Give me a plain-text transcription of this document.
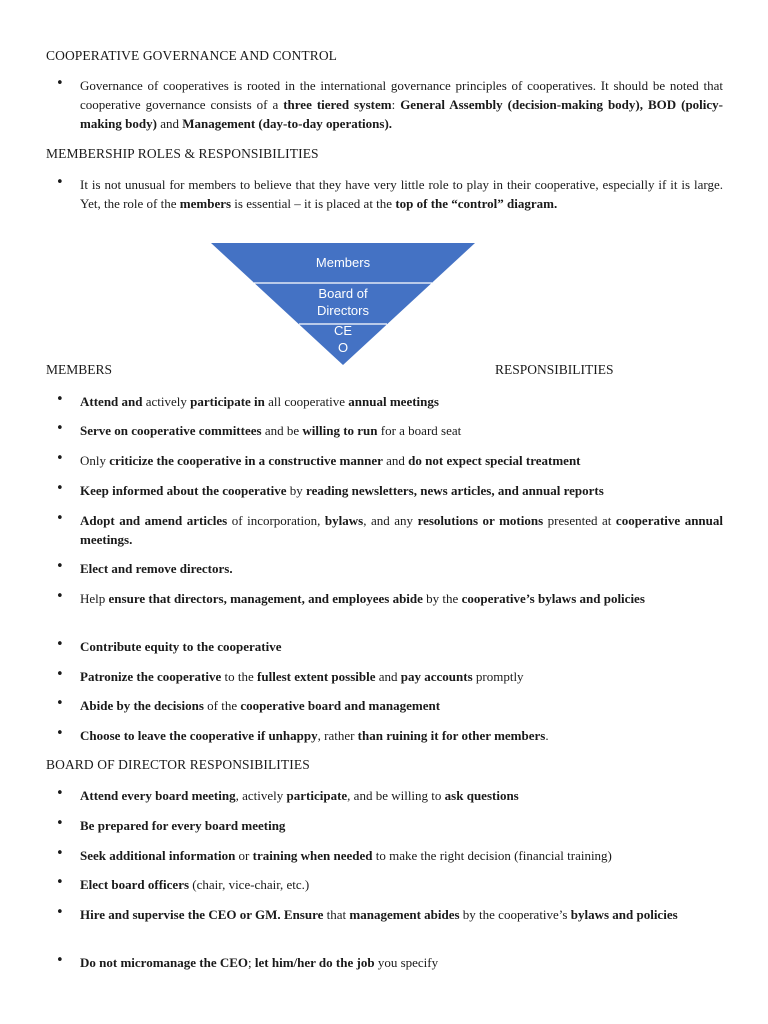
COOPERATIVE GOVERNANCE AND CONTROL
• Governance of cooperatives is rooted in the international governance principles of cooperatives. It should be noted that cooperative governance consists of a three tiered system: General Assembly (decision-making body), BOD (policy-making body) and Management (day-to-day operations).
MEMBERSHIP ROLES & RESPONSIBILITIES
• It is not unusual for members to believe that they have very little role to play in their cooperative, especially if it is large. Yet, the role of the members is essential – it is placed at the top of the “control” diagram.
Members
Board of
Directors
CE
O
MEMBERS	RESPONSIBILITIES
• Attend and actively participate in all cooperative annual meetings
• Serve on cooperative committees and be willing to run for a board seat
• Only criticize the cooperative in a constructive manner and do not expect special treatment
• Keep informed about the cooperative by reading newsletters, news articles, and annual reports
• Adopt and amend articles of incorporation, bylaws, and any resolutions or motions presented at cooperative annual meetings.
• Elect and remove directors.
• Help ensure that directors, management, and employees abide by the cooperative’s bylaws and policies
• Contribute equity to the cooperative
• Patronize the cooperative to the fullest extent possible and pay accounts promptly
• Abide by the decisions of the cooperative board and management
• Choose to leave the cooperative if unhappy, rather than ruining it for other members.
BOARD OF DIRECTOR RESPONSIBILITIES
• Attend every board meeting, actively participate, and be willing to ask questions
• Be prepared for every board meeting
• Seek additional information or training when needed to make the right decision (financial training)
• Elect board officers (chair, vice-chair, etc.)
• Hire and supervise the CEO or GM. Ensure that management abides by the cooperative’s bylaws and policies
• Do not micromanage the CEO; let him/her do the job you specify
